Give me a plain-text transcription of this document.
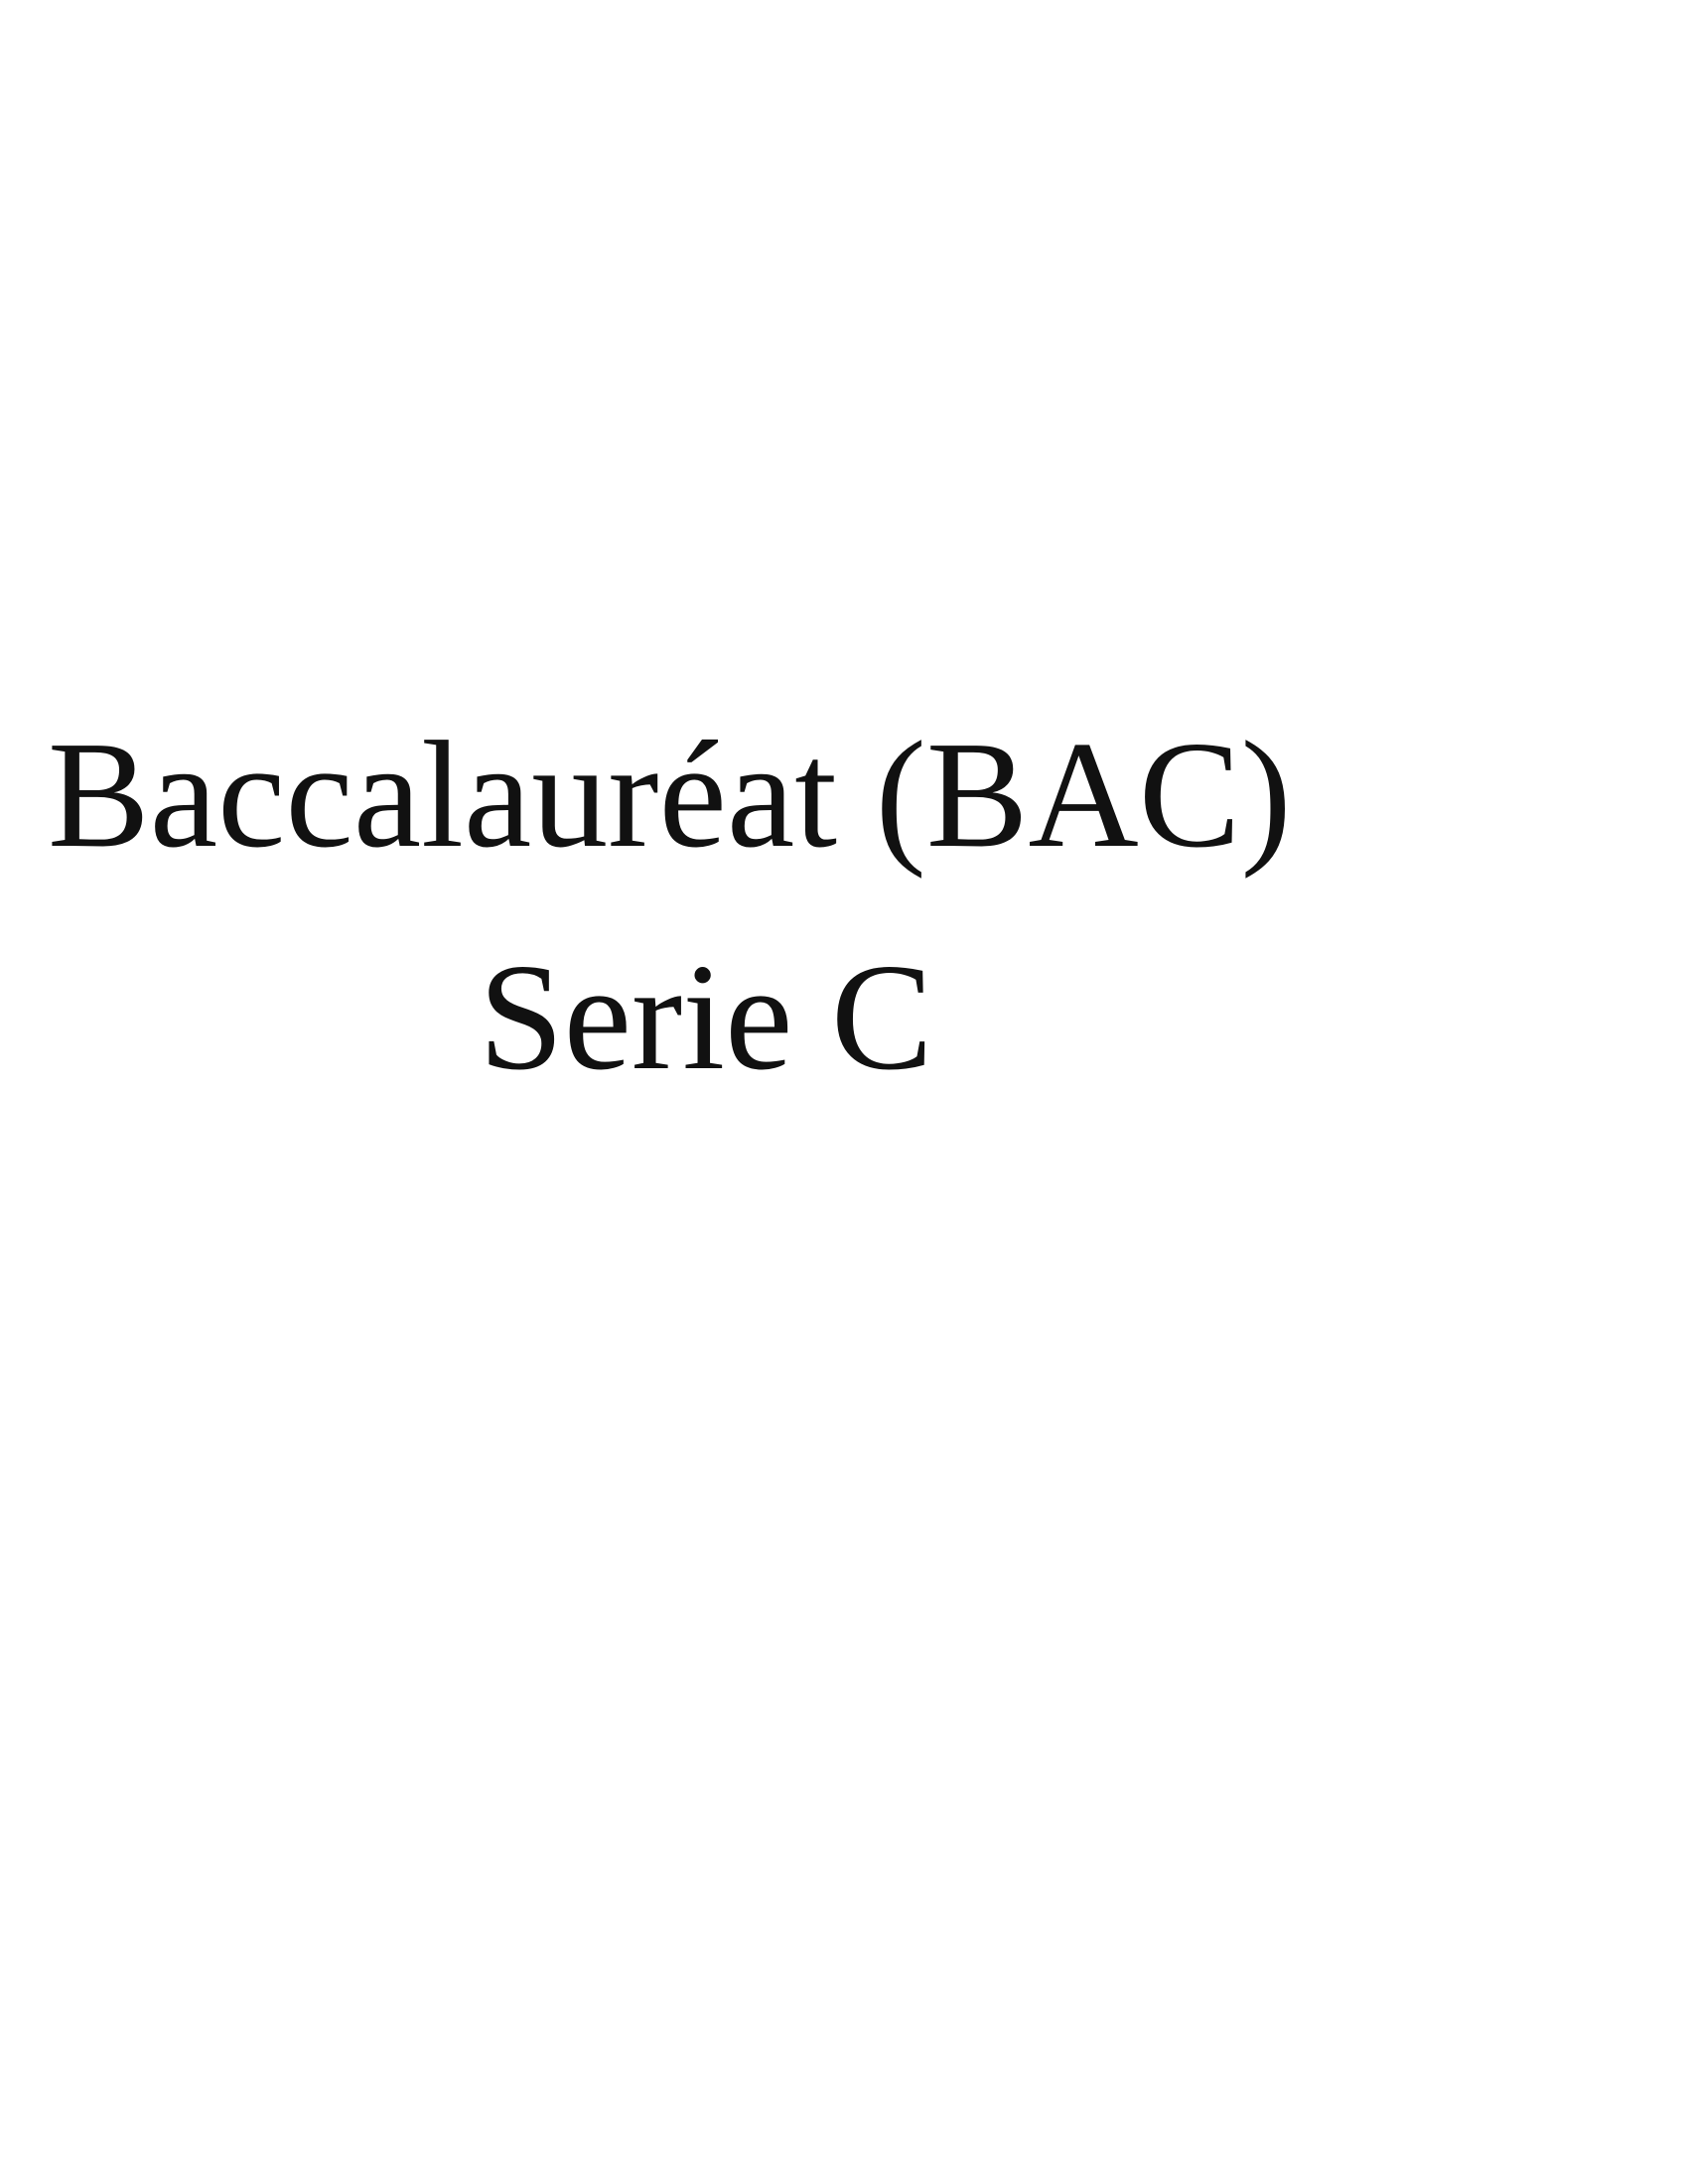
Baccalauréat (BAC)
Serie C
